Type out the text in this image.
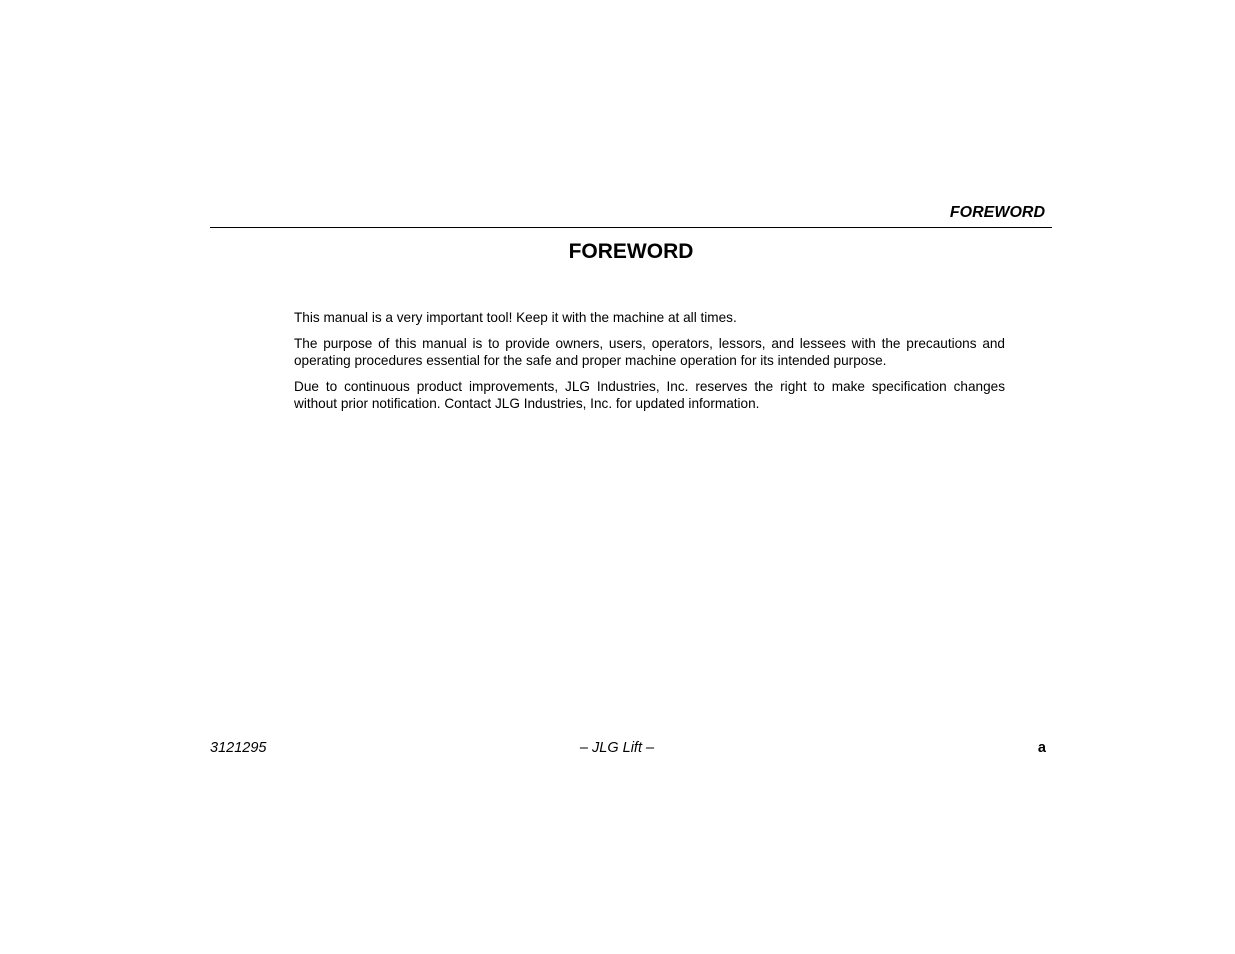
FOREWORD
FOREWORD

This manual is a very important tool! Keep it with the machine at all times.

The purpose of this manual is to provide owners, users, operators, lessors, and lessees with the precautions and operating procedures essential for the safe and proper machine operation for its intended purpose.

Due to continuous product improvements, JLG Industries, Inc. reserves the right to make specification changes without prior notification. Contact JLG Industries, Inc. for updated information.

3121295	– JLG Lift –	a
